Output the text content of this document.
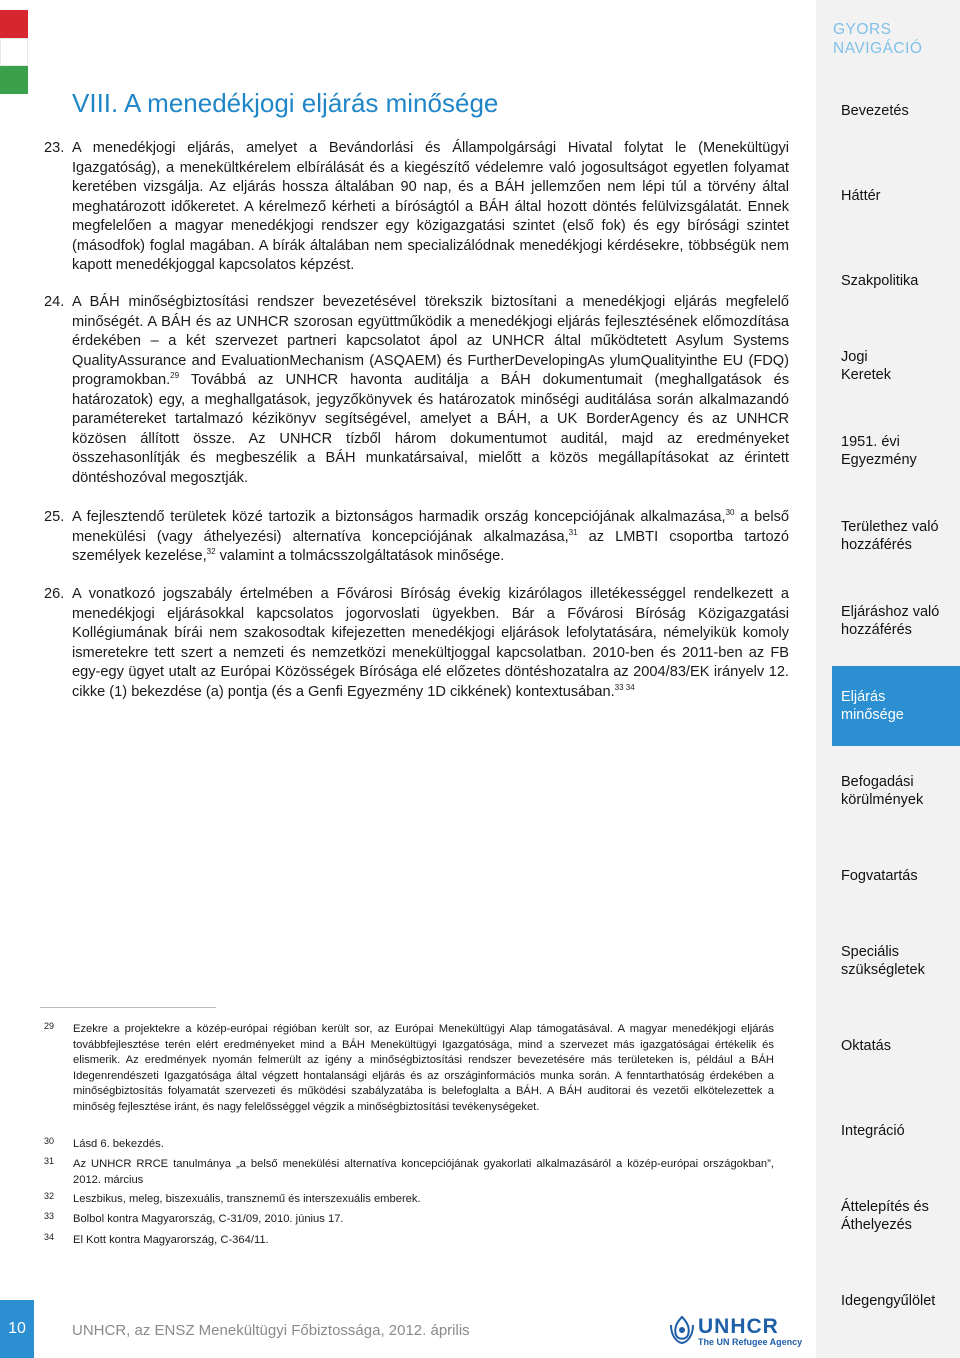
VIII. A menedékjogi eljárás minősége
23. A menedékjogi eljárás, amelyet a Bevándorlási és Állampolgársági Hivatal folytat le (Menekültügyi Igazgatóság), a menekültkérelem elbírálását és a kiegészítő védelemre való jogosultságot egyetlen folyamat keretében vizsgálja. Az eljárás hossza általában 90 nap, és a BÁH jellemzően nem lépi túl a törvény által meghatározott időkeretet. A kérelmező kérheti a bíróságtól a BÁH által hozott döntés felülvizsgálatát. Ennek megfelelően a magyar menedékjogi rendszer egy közigazgatási szintet (első fok) és egy bírósági szintet (másodfok) foglal magában. A bírák általában nem specializálódnak menedékjogi kérdésekre, többségük nem kapott menedékjoggal kapcsolatos képzést.
24. A BÁH minőségbiztosítási rendszer bevezetésével törekszik biztosítani a menedékjogi eljárás megfelelő minőségét. A BÁH és az UNHCR szorosan együttműködik a menedékjogi eljárás fejlesztésének előmozdítása érdekében – a két szervezet partneri kapcsolatot ápol az UNHCR által működtetett Asylum Systems QualityAssurance and EvaluationMechanism (ASQAEM) és FurtherDevelopingAs ylumQualityinthe EU (FDQ) programokban.$^{29}$ Továbbá az UNHCR havonta auditálja a BÁH dokumentumait (meghallgatások és határozatok) egy, a meghallgatások, jegyzőkönyvek és határozatok minőségi auditálása során alkalmazandó paramétereket tartalmazó kézikönyv segítségével, amelyet a BÁH, a UK BorderAgency és az UNHCR közösen állított össze. Az UNHCR tízből három dokumentumot auditál, majd az eredményeket összehasonlítják és megbeszélik a BÁH munkatársaival, mielőtt a közös megállapításokat az érintett döntéshozóval megosztják.
25. A fejlesztendő területek közé tartozik a biztonságos harmadik ország koncepciójának alkalmazása,$^{30}$ a belső menekülési (vagy áthelyezési) alternatíva koncepciójának alkalmazása,$^{31}$ az LMBTI csoportba tartozó személyek kezelése,$^{32}$ valamint a tolmácsszolgáltatások minősége.
26. A vonatkozó jogszabály értelmében a Fővárosi Bíróság évekig kizárólagos illetékességgel rendelkezett a menedékjogi eljárásokkal kapcsolatos jogorvoslati ügyekben. Bár a Fővárosi Bíróság Közigazgatási Kollégiumának bírái nem szakosodtak kifejezetten menedékjogi eljárások lefolytatására, némelyikük komoly ismeretekre tett szert a nemzeti és nemzetközi menekültjoggal kapcsolatban. 2010-ben és 2011-ben az FB egy-egy ügyet utalt az Európai Közösségek Bírósága elé előzetes döntéshozatalra az 2004/83/EK irányelv 12. cikke (1) bekezdése (a) pontja (és a Genfi Egyezmény 1D cikkének) kontextusában.$^{33 34}$
29	Ezekre a projektekre a közép-európai régióban került sor, az Európai Menekültügyi Alap támogatásával. A magyar menedékjogi eljárás továbbfejlesztése terén elért eredményeket mind a BÁH Menekültügyi Igazgatósága, mind a szervezet más igazgatóságai értékelik és elismerik. Az eredmények nyomán felmerült az igény a minőségbiztosítási rendszer bevezetésére más területeken is, például a BÁH Idegenrendészeti Igazgatósága által végzett hontalansági eljárás és az országinformációs munka során. A fenntarthatóság érdekében a minőségbiztosítás folyamatát szervezeti és működési szabályzatába is belefoglalta a BÁH. A BÁH auditorai és vezetői elkötelezettek a minőség fejlesztése iránt, és nagy felelősséggel végzik a minőségbiztosítási tevékenységeket.
30	Lásd 6. bekezdés.
31	Az UNHCR RRCE tanulmánya „a belső menekülési alternatíva koncepciójának gyakorlati alkalmazásáról a közép-európai országokban”, 2012. március
32	Leszbikus, meleg, biszexuális, transznemű és interszexuális emberek.
33	Bolbol kontra Magyarország, C-31/09, 2010. június 17.
34	El Kott kontra Magyarország, C-364/11.
10	UNHCR, az ENSZ Menekültügyi Főbiztossága, 2012. április	UNHCR
The UN Refugee Agency
GYORS
NAVIGÁCIÓ
Bevezetés
Háttér
Szakpolitika
Jogi
Keretek
1951. évi
Egyezmény
Területhez való
hozzáférés
Eljáráshoz való
hozzáférés
Eljárás
minősége
Befogadási
körülmények
Fogvatartás
Speciális
szükségletek
Oktatás
Integráció
Áttelepítés és
Áthelyezés
Idegengyűlölet
